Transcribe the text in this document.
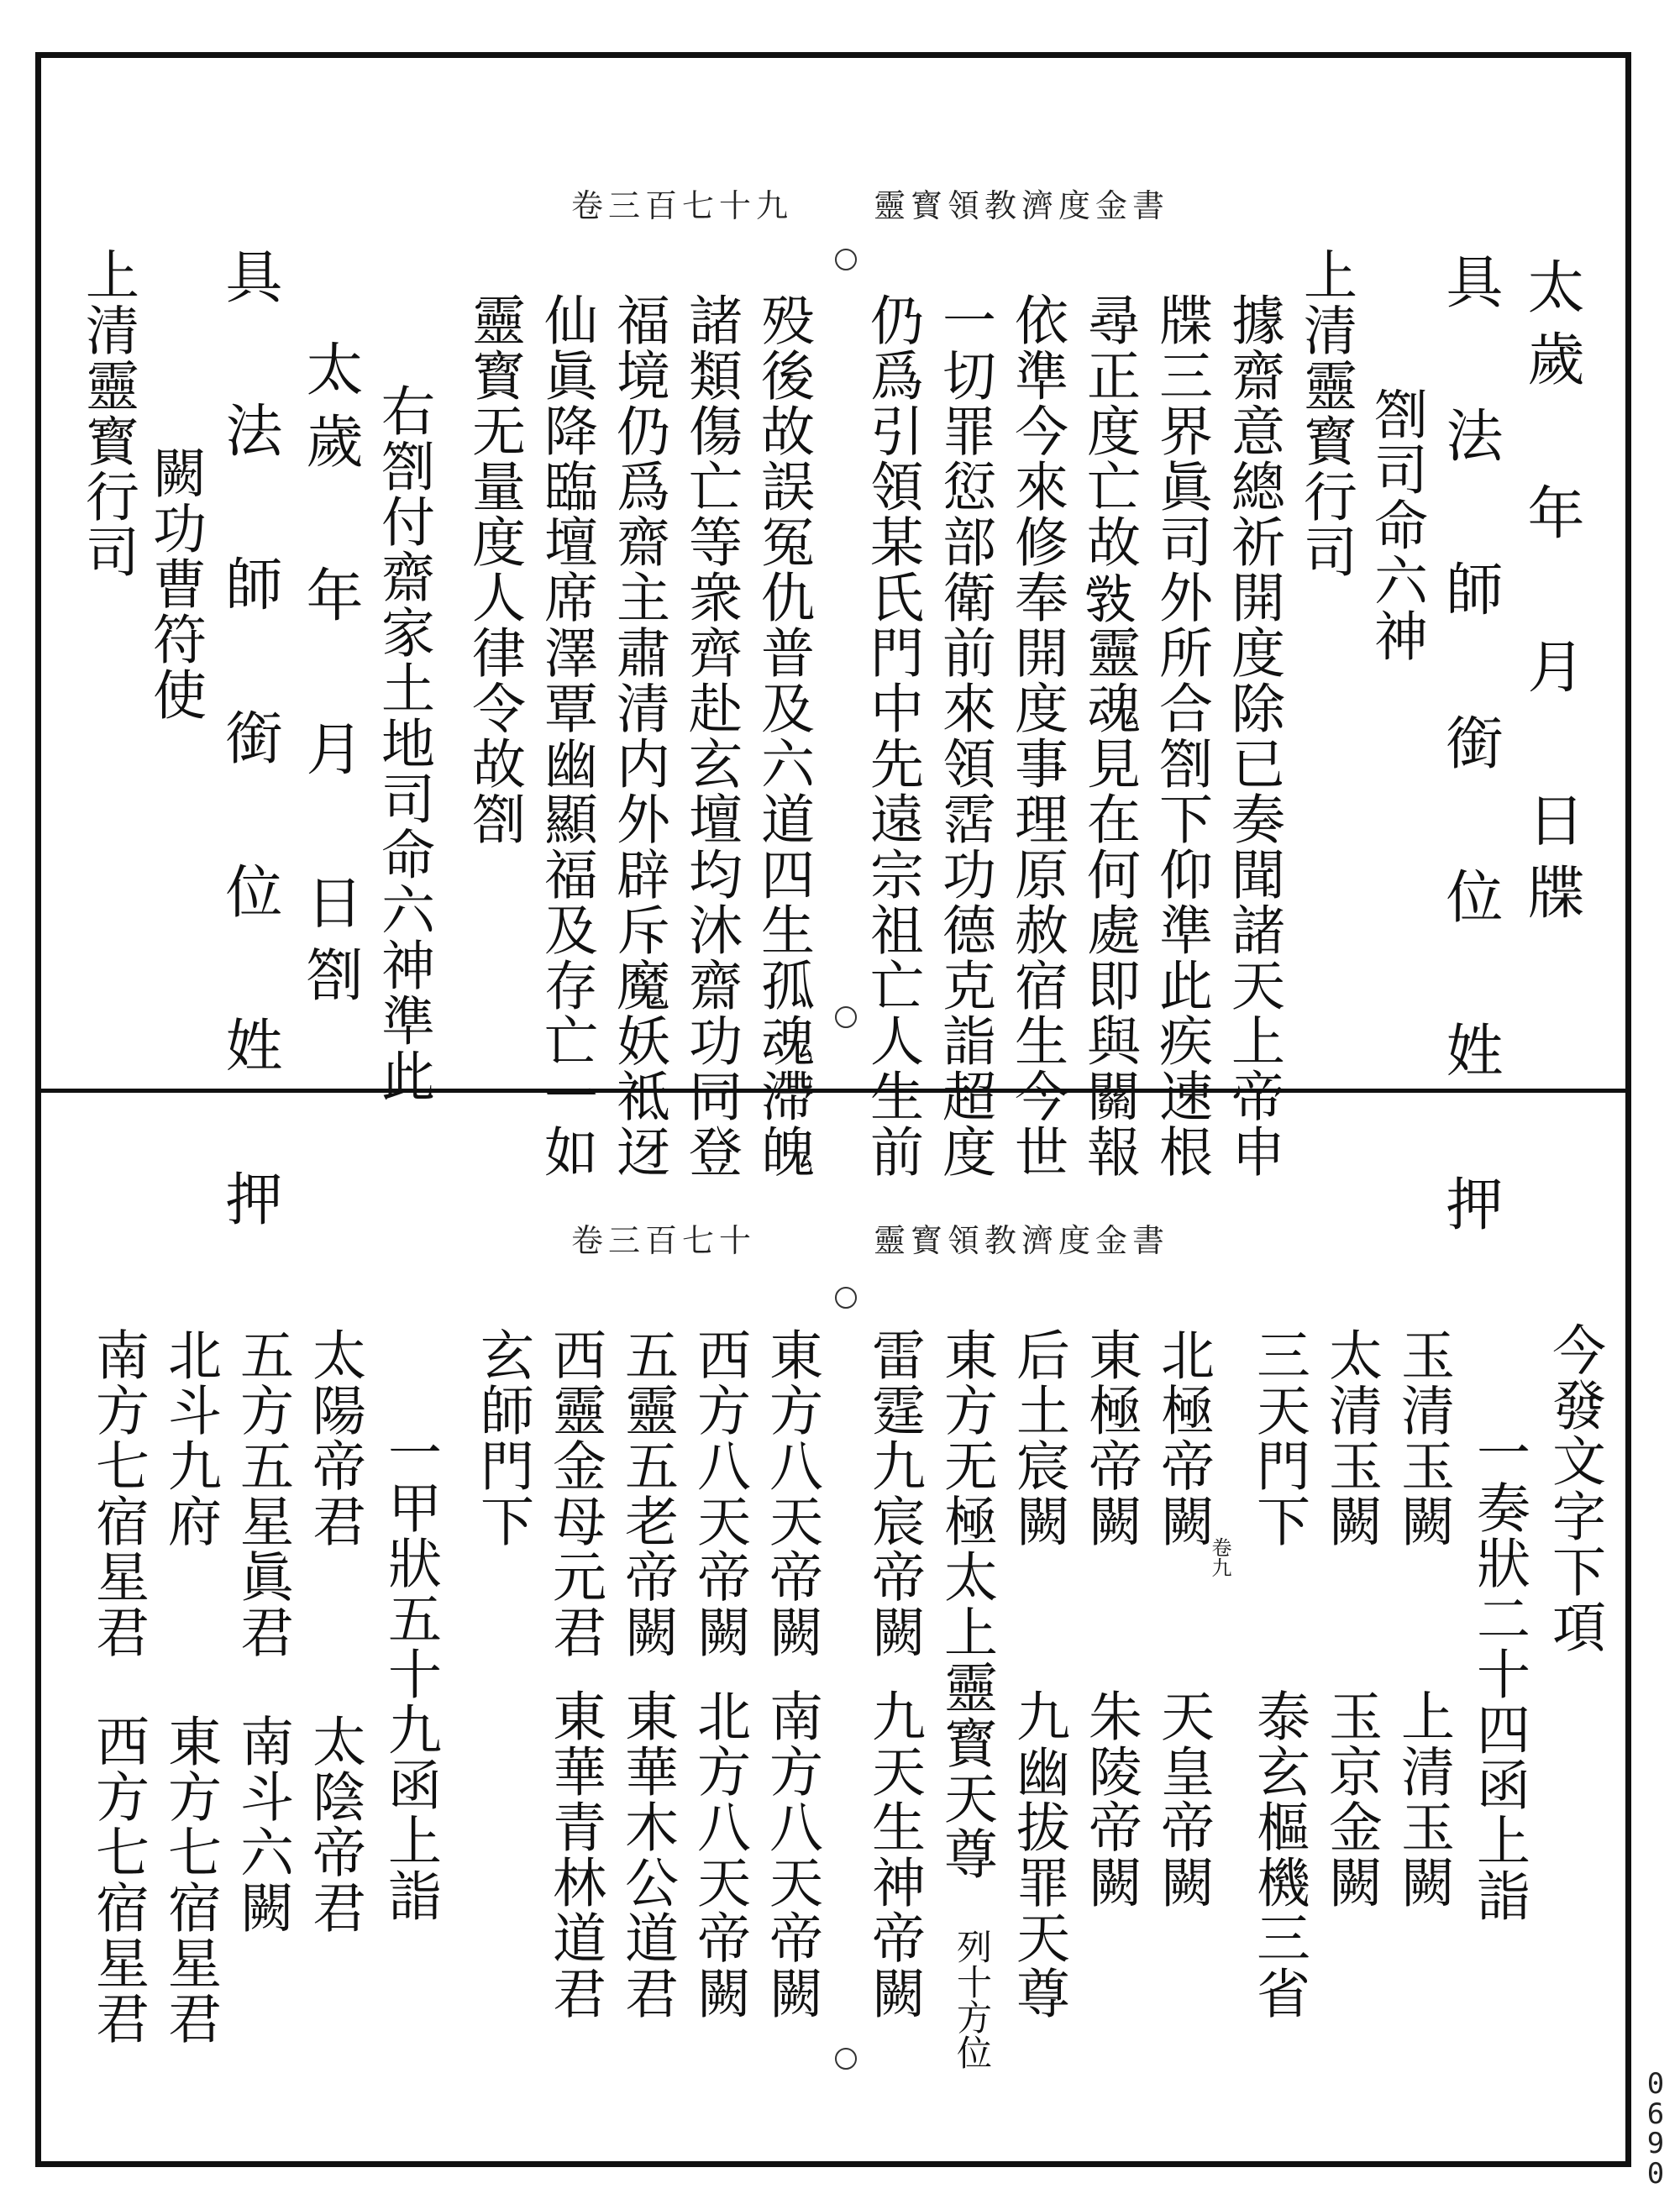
卷三百七十九	靈寳領教濟度金書
太歲 年 月 日牒
具 法 師 銜 位 姓 押
劄司命六神
上清靈寳行司
據齋意總祈開度除已奏聞諸天上帝申
牒三界眞司外所合劄下仰準此疾速根
尋正度亡故𢽾靈魂見在何處即與關報
依準今來修奉開度事理原赦宿生今世
一切罪愆部衛前來領霑功德克詣超度
仍爲引領某氏門中先遠宗祖亡人生前
殁後故誤冤仇普及六道四生孤魂滯魄
諸類傷亡等衆齊赴玄壇均沐齋功同登
福境仍爲齋主肅清内外辟斥魔妖祗迓
仙眞降臨壇席澤覃幽顯福及存亡一如
靈寳无量度人律令故劄
右劄付齋家土地司命六神準此
太歲 年 月 日劄
具 法 師 銜 位 姓 押
闕功曹符使
上清靈寳行司
卷三百七十	靈寳領教濟度金書
今發文字下項
一奏狀二十四函上詣
玉清玉闕
上清玉闕
太清玉闕
玉京金闕
三天門下
泰玄樞機三省
卷九
北極帝闕
天皇帝闕
東極帝闕
朱陵帝闕
后土宸闕
九幽拔罪天尊
東方无極太上靈寳天尊
列十方位
雷霆九宸帝闕
九天生神帝闕
東方八天帝闕
南方八天帝闕
西方八天帝闕
北方八天帝闕
五靈五老帝闕
東華木公道君
西靈金母元君
東華青林道君
玄師門下
一甲狀五十九函上詣
太陽帝君
太陰帝君
五方五星眞君
南斗六闕
北斗九府
東方七宿星君
南方七宿星君
西方七宿星君
0
6
9
0
